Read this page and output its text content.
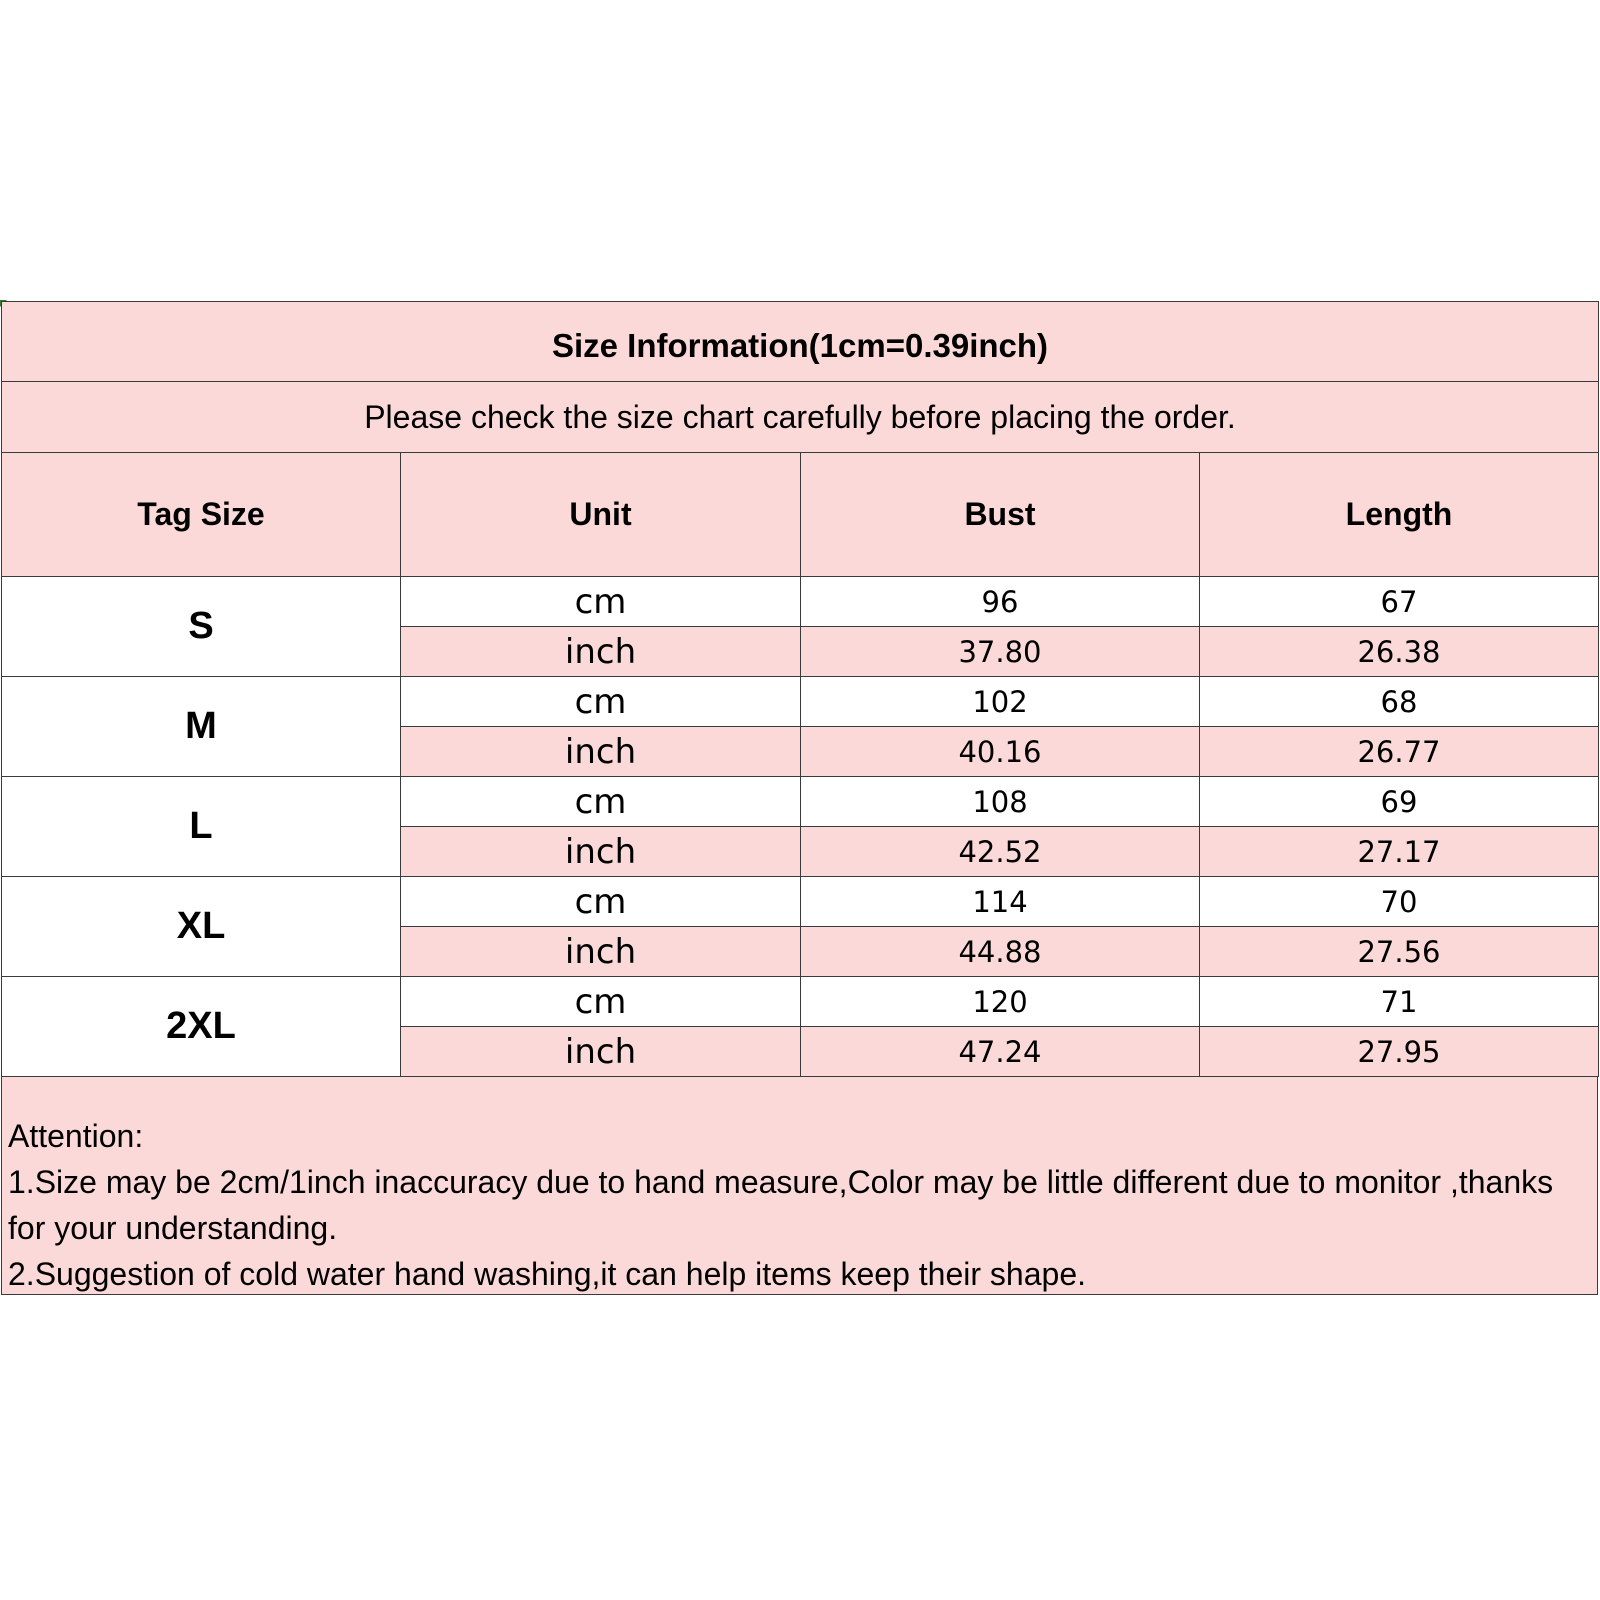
Size Information(1cm=0.39inch)			
Please check the size chart carefully before placing the order.			
Tag Size	Unit	Bust	Length
S	cm	96	67
	inch	37.80	26.38
M	cm	102	68
	inch	40.16	26.77
L	cm	108	69
	inch	42.52	27.17
XL	cm	114	70
	inch	44.88	27.56
2XL	cm	120	71
	inch	47.24	27.95
Attention:
1.Size may be 2cm/1inch inaccuracy due to hand measure,Color may be little different due to monitor ,thanks for your understanding.
2.Suggestion of cold water hand washing,it can help items keep their shape.
